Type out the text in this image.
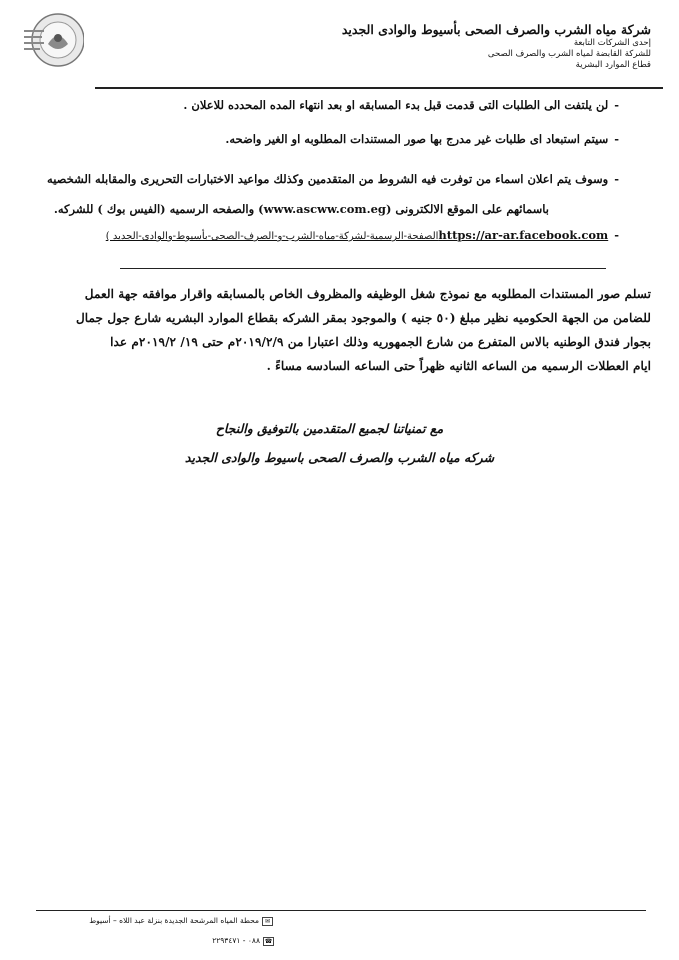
شركة مياه الشرب والصرف الصحى بأسيوط والوادى الجديد
إحدى الشركات التابعة
للشركة القابضة لمياه الشرب والصرف الصحى
قطاع الموارد البشرية
-لن يلتفت الى الطلبات التى قدمت قبل بدء المسابقه او بعد انتهاء المده المحدده للاعلان .
-سيتم استبعاد اى طلبات غير مدرج بها صور المستندات المطلوبه او الغير واضحه.
-وسوف يتم اعلان اسماء من توفرت فيه الشروط من المتقدمين وكذلك مواعيد الاختبارات التحريرى والمقابله الشخصيه
باسمائهم على الموقع الالكترونى (www.ascww.com.eg) والصفحه الرسميه (الفيس بوك ) للشركه.
-https://ar-ar.facebook.comالصفحة-الرسمية-لشركة-مياه-الشرب-و-الصرف-الصحى-بأسيوط-والوادى-الجديد )
تسلم صور المستندات المطلوبه مع نموذج شغل الوظيفه والمظروف الخاص بالمسابقه واقرار موافقه جهة العمل
للضامن من الجهة الحكوميه نظير مبلغ (٥٠ جنيه ) والموجود بمقر الشركه بقطاع الموارد البشريه شارع جول جمال
بجوار فندق الوطنيه بالاس المتفرع من شارع الجمهوريه وذلك اعتبارا من ٢٠١٩/٢/٩م حتى ١٩/ ٢٠١٩/٢م عدا
ايام العطلات الرسميه من الساعه الثانيه ظهراً حتى الساعه السادسه مساءً .
مع تمنياتنا لجميع المتقدمين بالتوفيق والنجاح
شركه مياه الشرب والصرف الصحى باسيوط والوادى الجديد
✉محطة المياه المرشحة الجديدة بنزلة عبد اللاه – أسيوط
☎٠٨٨ - ٢٢٩٣٤٧١
